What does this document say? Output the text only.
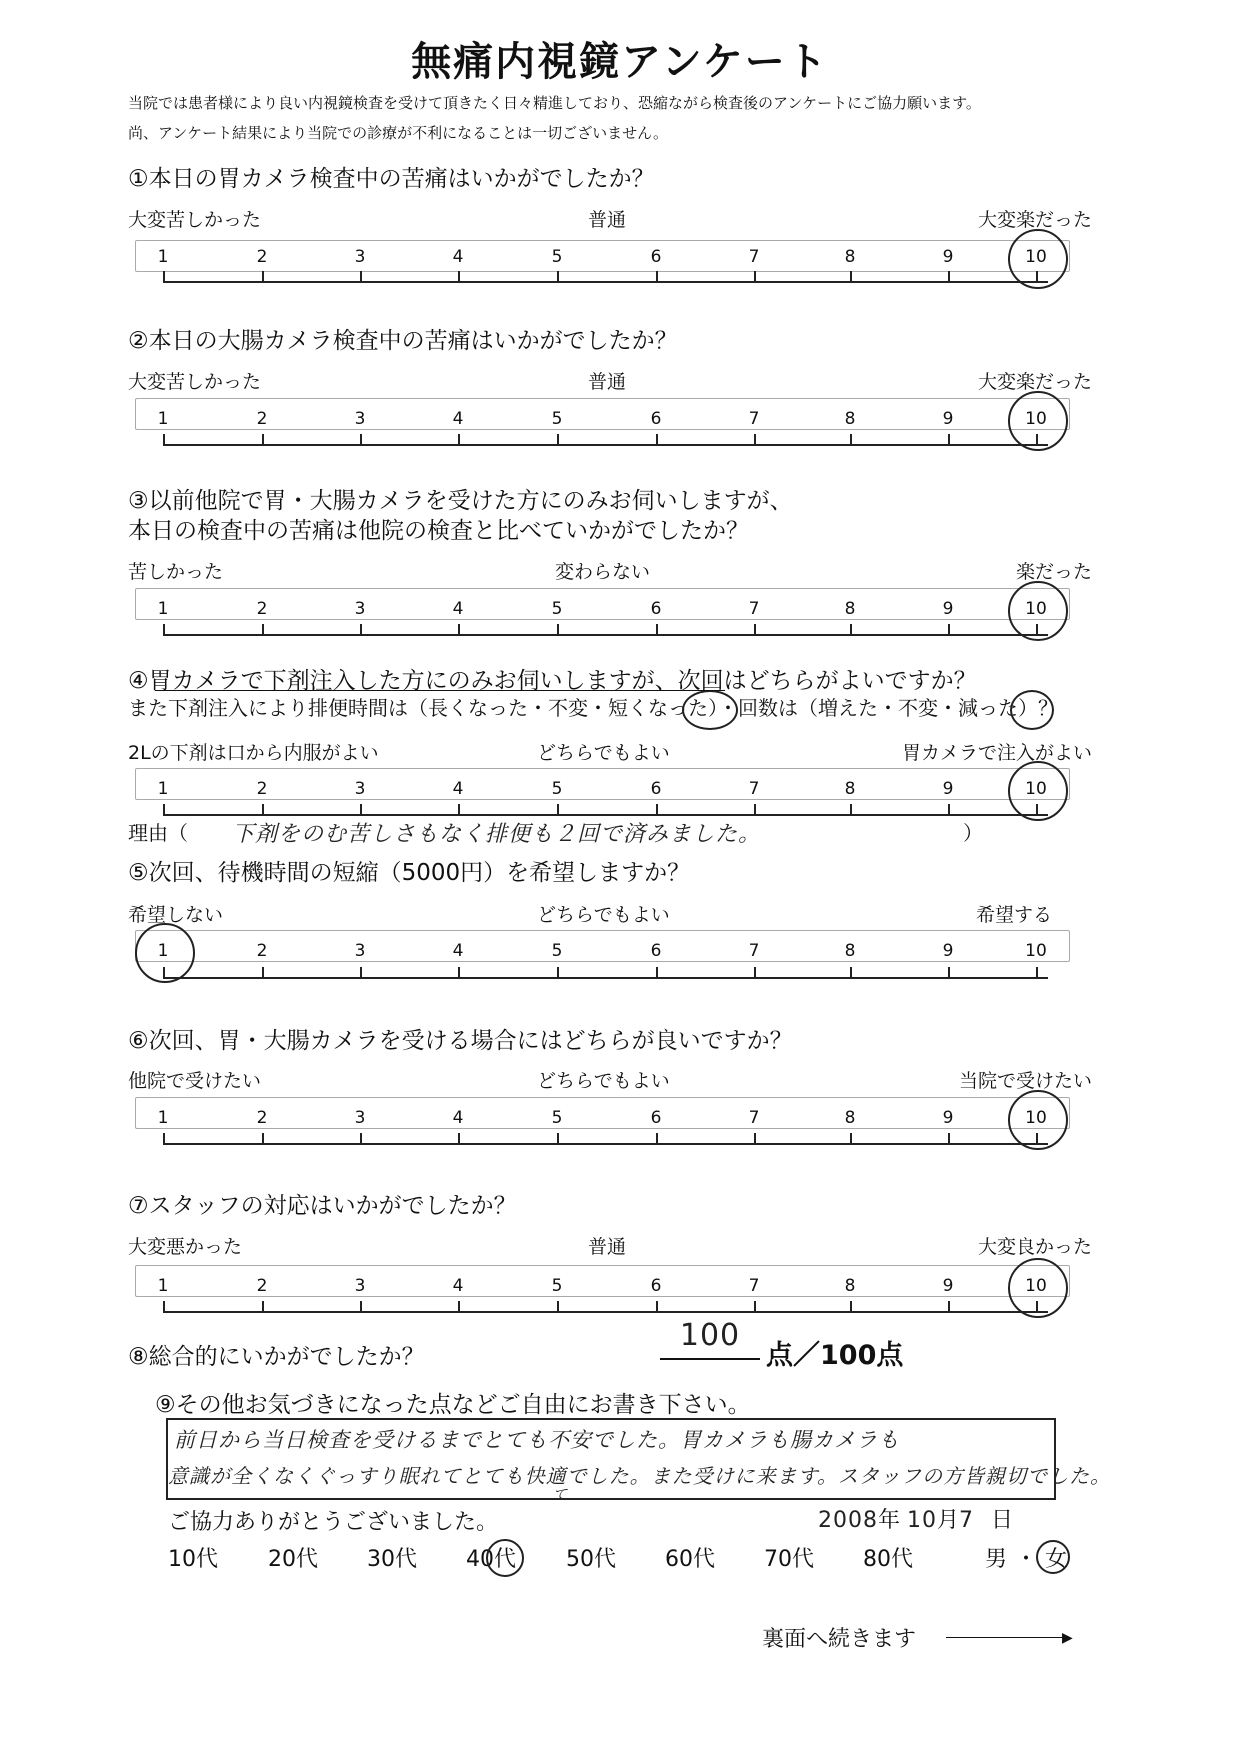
無痛内視鏡アンケート
当院では患者様により良い内視鏡検査を受けて頂きたく日々精進しており、恐縮ながら検査後のアンケートにご協力願います。
尚、アンケート結果により当院での診療が不利になることは一切ございません。
①本日の胃カメラ検査中の苦痛はいかがでしたか？
大変苦しかった	普通	大変楽だった
1	2	3	4	5	6	7	8	9	10
②本日の大腸カメラ検査中の苦痛はいかがでしたか？
大変苦しかった	普通	大変楽だった
1	2	3	4	5	6	7	8	9	10
③以前他院で胃・大腸カメラを受けた方にのみお伺いしますが、
本日の検査中の苦痛は他院の検査と比べていかがでしたか？
苦しかった	変わらない	楽だった
1	2	3	4	5	6	7	8	9	10
④胃カメラで下剤注入した方にのみお伺いしますが、次回はどちらがよいですか？
また下剤注入により排便時間は（長くなった・不変・短くなった）・回数は（増えた・不変・減った）？
2Lの下剤は口から内服がよい	どちらでもよい	胃カメラで注入がよい
1	2	3	4	5	6	7	8	9	10
⑤次回、待機時間の短縮（5000円）を希望しますか？
希望しない	どちらでもよい	希望する
1	2	3	4	5	6	7	8	9	10
⑥次回、胃・大腸カメラを受ける場合にはどちらが良いですか？
他院で受けたい	どちらでもよい	当院で受けたい
1	2	3	4	5	6	7	8	9	10
⑦スタッフの対応はいかがでしたか？
大変悪かった	普通	大変良かった
1	2	3	4	5	6	7	8	9	10
理由（ 下剤をのむ苦しさもなく排便も２回で済みました。	）
⑧総合的にいかがでしたか？
100
点／100点
⑨その他お気づきになった点などご自由にお書き下さい。
前日から当日検査を受けるまでとても不安でした。胃カメラも腸カメラも
意識が全くなくぐっすり眠れてとても快適でした。また受けに来ます。スタッフの方皆親切でした。
て
ご協力ありがとうございました。	2008年 10月7 日
10代 20代 30代 40代 50代 60代 70代 80代	男 ・ 女
裏面へ続きます	▶
